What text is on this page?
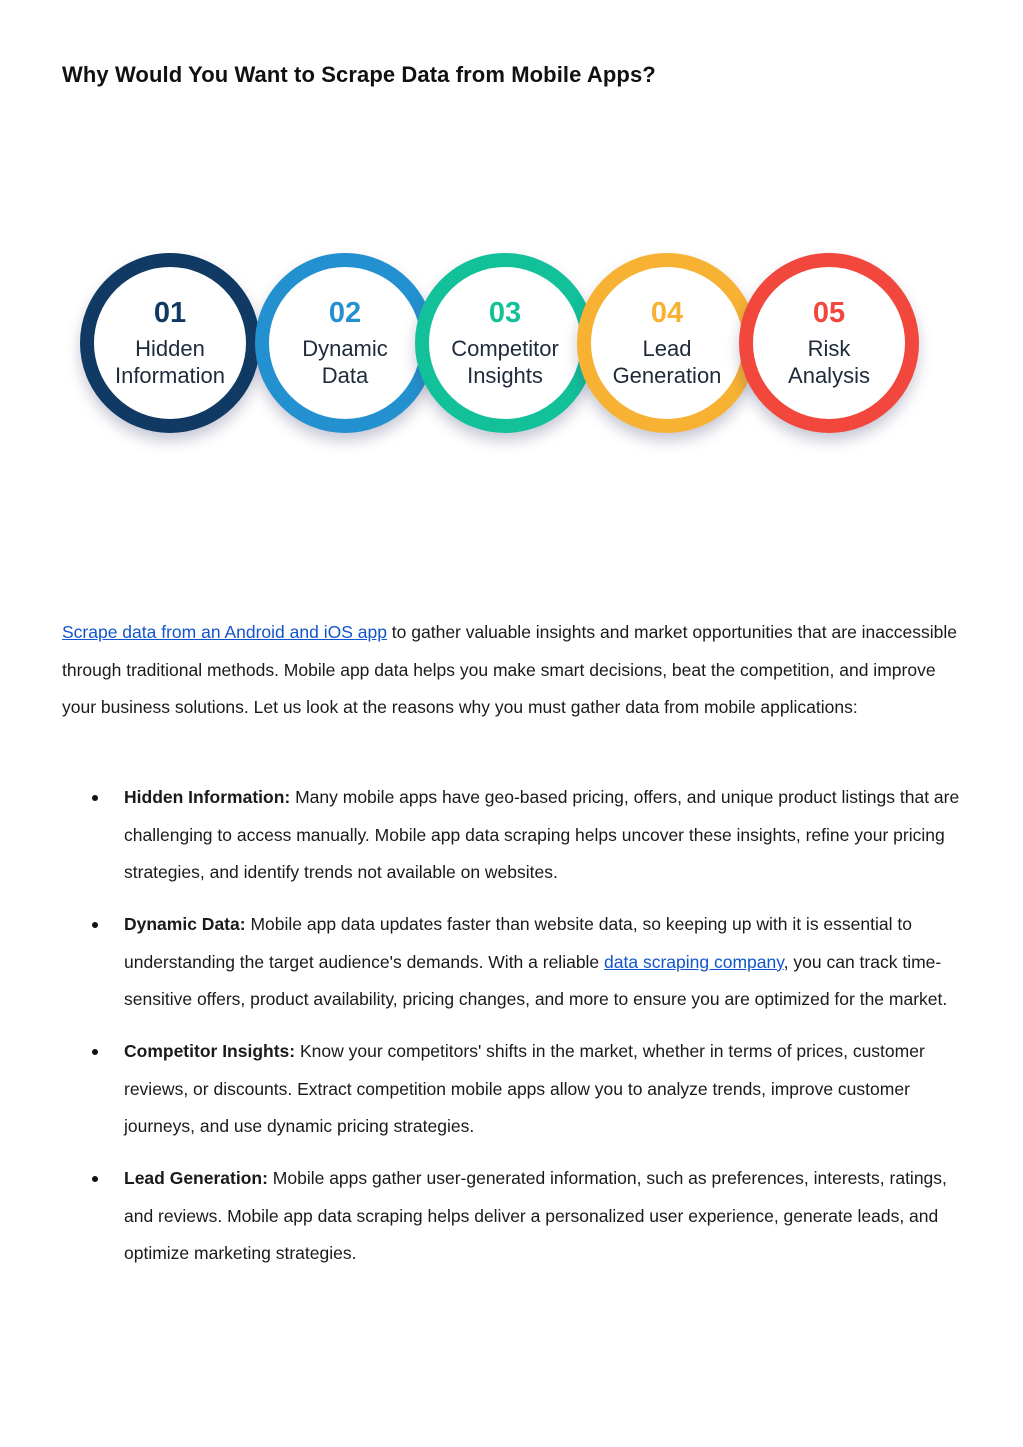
Why Would You Want to Scrape Data from Mobile Apps?
01
Hidden
Information
02
Dynamic
Data
03
Competitor
Insights
04
Lead
Generation
05
Risk
Analysis

Scrape data from an Android and iOS app to gather valuable insights and market opportunities that are inaccessible through traditional methods. Mobile app data helps you make smart decisions, beat the competition, and improve your business solutions. Let us look at the reasons why you must gather data from mobile applications:

Hidden Information: Many mobile apps have geo-based pricing, offers, and unique product listings that are challenging to access manually. Mobile app data scraping helps uncover these insights, refine your pricing strategies, and identify trends not available on websites.
Dynamic Data: Mobile app data updates faster than website data, so keeping up with it is essential to understanding the target audience's demands. With a reliable data scraping company, you can track time-sensitive offers, product availability, pricing changes, and more to ensure you are optimized for the market.
Competitor Insights: Know your competitors' shifts in the market, whether in terms of prices, customer reviews, or discounts. Extract competition mobile apps allow you to analyze trends, improve customer journeys, and use dynamic pricing strategies.
Lead Generation: Mobile apps gather user-generated information, such as preferences, interests, ratings, and reviews. Mobile app data scraping helps deliver a personalized user experience, generate leads, and optimize marketing strategies.
